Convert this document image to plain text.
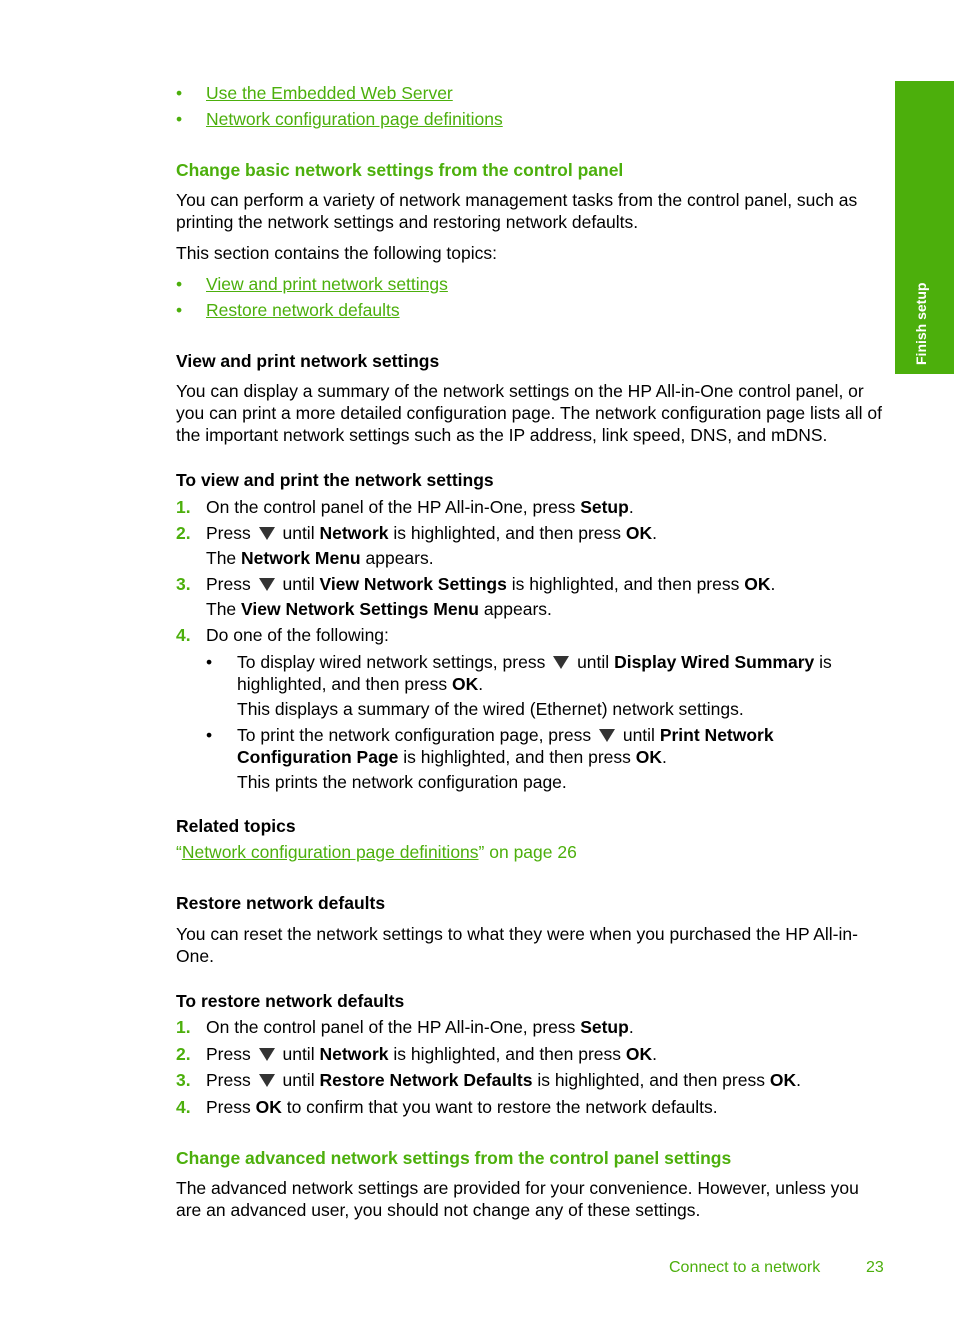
Finish setup
• Use the Embedded Web Server
• Network configuration page definitions
Change basic network settings from the control panel
You can perform a variety of network management tasks from the control panel, such as printing the network settings and restoring network defaults.
This section contains the following topics:
• View and print network settings
• Restore network defaults
View and print network settings
You can display a summary of the network settings on the HP All-in-One control panel, or you can print a more detailed configuration page. The network configuration page lists all of the important network settings such as the IP address, link speed, DNS, and mDNS.
To view and print the network settings
1. On the control panel of the HP All-in-One, press Setup.
2. Press until Network is highlighted, and then press OK.
The Network Menu appears.
3. Press until View Network Settings is highlighted, and then press OK.
The View Network Settings Menu appears.
4. Do one of the following:
• To display wired network settings, press  until Display Wired Summary is highlighted, and then press OK.
This displays a summary of the wired (Ethernet) network settings.
• To print the network configuration page, press  until Print Network Configuration Page is highlighted, and then press OK.
This prints the network configuration page.
Related topics
“Network configuration page definitions” on page 26
Restore network defaults
You can reset the network settings to what they were when you purchased the HP All-in-One.
To restore network defaults
1. On the control panel of the HP All-in-One, press Setup.
2. Press until Network is highlighted, and then press OK.
3. Press until Restore Network Defaults is highlighted, and then press OK.
4. Press OK to confirm that you want to restore the network defaults.
Change advanced network settings from the control panel settings
The advanced network settings are provided for your convenience. However, unless you are an advanced user, you should not change any of these settings.
Connect to a network	23
